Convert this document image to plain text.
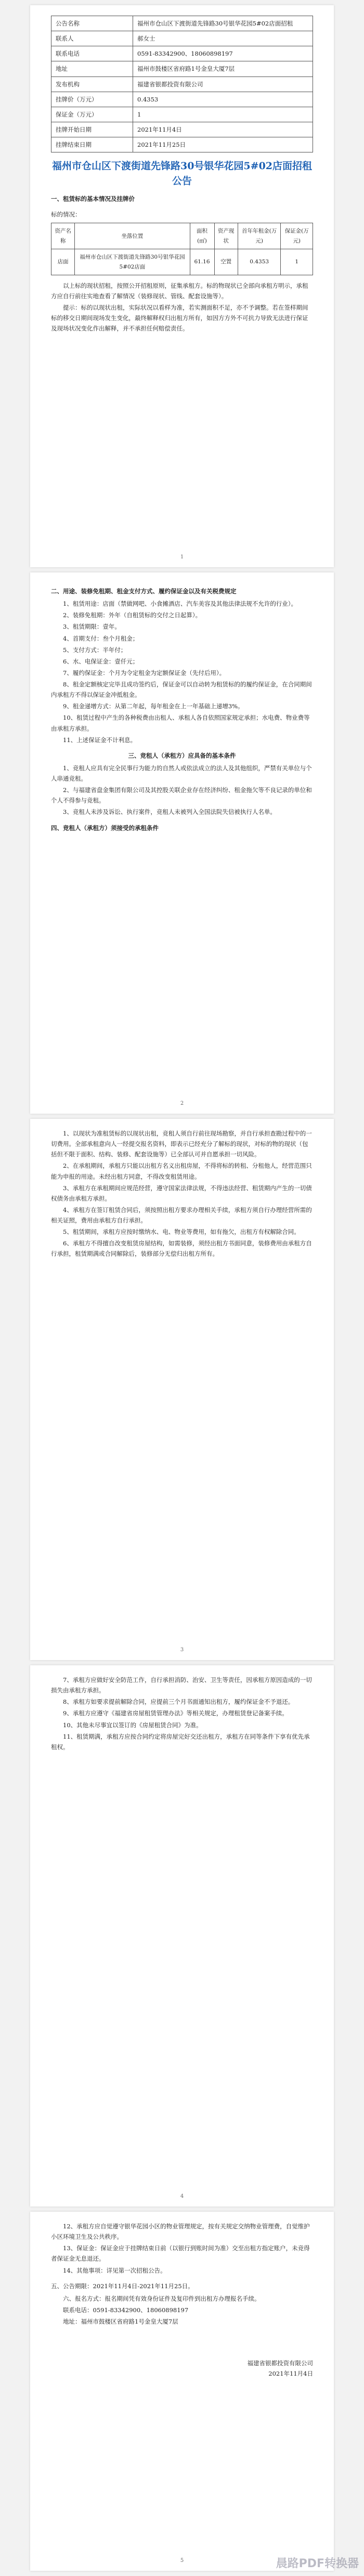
公告名称	福州市仓山区下渡街道先锋路30号银华花园5#02店面招租
联系人	郝女士
联系电话	0591-83342900、18060898197
地址	福州市鼓楼区省府路1号金皇大厦7层
发布机构	福建省银都投资有限公司
挂牌价（万元）	0.4353
保证金（万元）	1
挂牌开始日期	2021年11月4日
挂牌结束日期	2021年11月25日
福州市仓山区下渡街道先锋路30号银华花园5#02店面招租公告
一、租赁标的基本情况及挂牌价
标的情况：
资产名称	坐落位置	面积(㎡)	资产现状	首年年租金(万元)	保证金(万元)
店面	福州市仓山区下渡街道先锋路30号银华花园5#02店面	61.16	空置	0.4353	1

以上标的现状招租，按照公开招租原则，征集承租方。标的物现状已全部向承租方明示，承租方应自行前往实地查看了解情况（装修现状、管线、配套设施等）。

提示：标的以现状出租，实际状况以看样为准，若实测面积不足，亦不予调整。若在签样期间标的移交日期间现场发生变化，最终解释权归出租方所有，如因方方外不可抗力导致无法进行保证及现场状况变化作出解释，并不承担任何赔偿责任。

1
二、用途、装修免租期、租金支付方式、履约保证金以及有关税费规定

1、租赁用途：店面（禁做网吧、小食摊酒店、汽车美容及其他法律法规不允许的行业）。

2、装修免租期：外年（自租赁标的交付之日起算）。

3、租赁期限：壹年。

4、首期支付：叁个月租金；

5、支付方式：半年付；

6、水、电保证金：壹仟元；

7、履约保证金：个月为令定租金为定额保证金（先付后用）。

8、租金定额核定完毕且成功签约后，保证金可以自动转为租赁标的的履约保证金，在合同期间内承租方不得以保证金冲抵租金。

9、租金递增方式：从第二年起，每年租金在上一年基础上递增3%。

10、租赁过程中产生的各种税费由出租人、承租人各自依照国家规定承担；水电费、物业费等由承租方承担。

11、上述保证金不计利息。

三、竞租人（承租方）应具备的基本条件

1、竞租人应具有完全民事行为能力的自然人或依法成立的法人及其他组织，严禁有关单位与个人串通竞租。

2、与福建省盘金集团有限公司及其控股关联企业存在经济纠纷、租金拖欠等不良记录的单位和个人不得参与竞租。

3、竞租人未涉及诉讼、执行案件，竞租人未被列入全国法院失信被执行人名单。

四、竞租人（承租方）须接受的承租条件
2

1、以现状为准租赁标的以现状出租，竞租人须自行前往现场勘察，并自行承担查勘过程中的一切费用。全部承租意向人一经提交报名资料，即表示已经充分了解标的现状，对标的物的现状（包括但不限于面积、结构、装修、配套设施等）已全部认可并自愿承担一切风险。

2、在承租期间，承租方只能以出租方名义出租房屋，不得将标的转租、分租他人，经营范围只能为申报的用途。未经出租方同意，不得改变租赁用途。

3、承租方在承租期间应规范经营，遵守国家法律法规，不得违法经营、租赁期内产生的一切债权债务由承租方承担。

4、承租方在签订租赁合同后，须按照出租方要求办理相关手续，承租方须自行办理经营所需的相关证照，费用由承租方自行承担。

5、租赁期间，承租方应按时缴纳水、电、物业等费用，如有拖欠，出租方有权解除合同。

6、承租方不得擅自改变租赁房屋结构，如需装修，须经出租方书面同意，装修费用由承租方自行承担，租赁期满或合同解除后，装修部分无偿归出租方所有。

3

7、承租方应做好安全防范工作，自行承担消防、治安、卫生等责任，因承租方原因造成的一切损失由承租方承担。

8、承租方如要求提前解除合同，应提前三个月书面通知出租方，履约保证金不予退还。

9、承租方应遵守《福建省房屋租赁管理办法》等相关规定，办理租赁登记备案手续。

10、其他未尽事宜以签订的《房屋租赁合同》为准。

11、租赁期满，承租方应按合同约定将房屋完好交还出租方，承租方在同等条件下享有优先承租权。

4

12、承租方应自觉遵守银华花园小区的物业管理规定，按有关规定交纳物业管理费，自觉维护小区环境卫生及公共秩序。

13、保证金：保证金应于挂牌结束日前（以银行到账时间为准）交至出租方指定账户，未竞得者保证金无息退还。

14、其他事项：详见第一次招租公告。

五、公告期限：2021年11月4日-2021年11月25日。

六、报名方式：报名期间凭有效身份证件及复印件到出租方办理报名手续。

联系电话：0591-83342900、18060898197

地址：福州市鼓楼区省府路1号金皇大厦7层

福建省银都投资有限公司
2021年11月4日
5	晨路PDF转换器
